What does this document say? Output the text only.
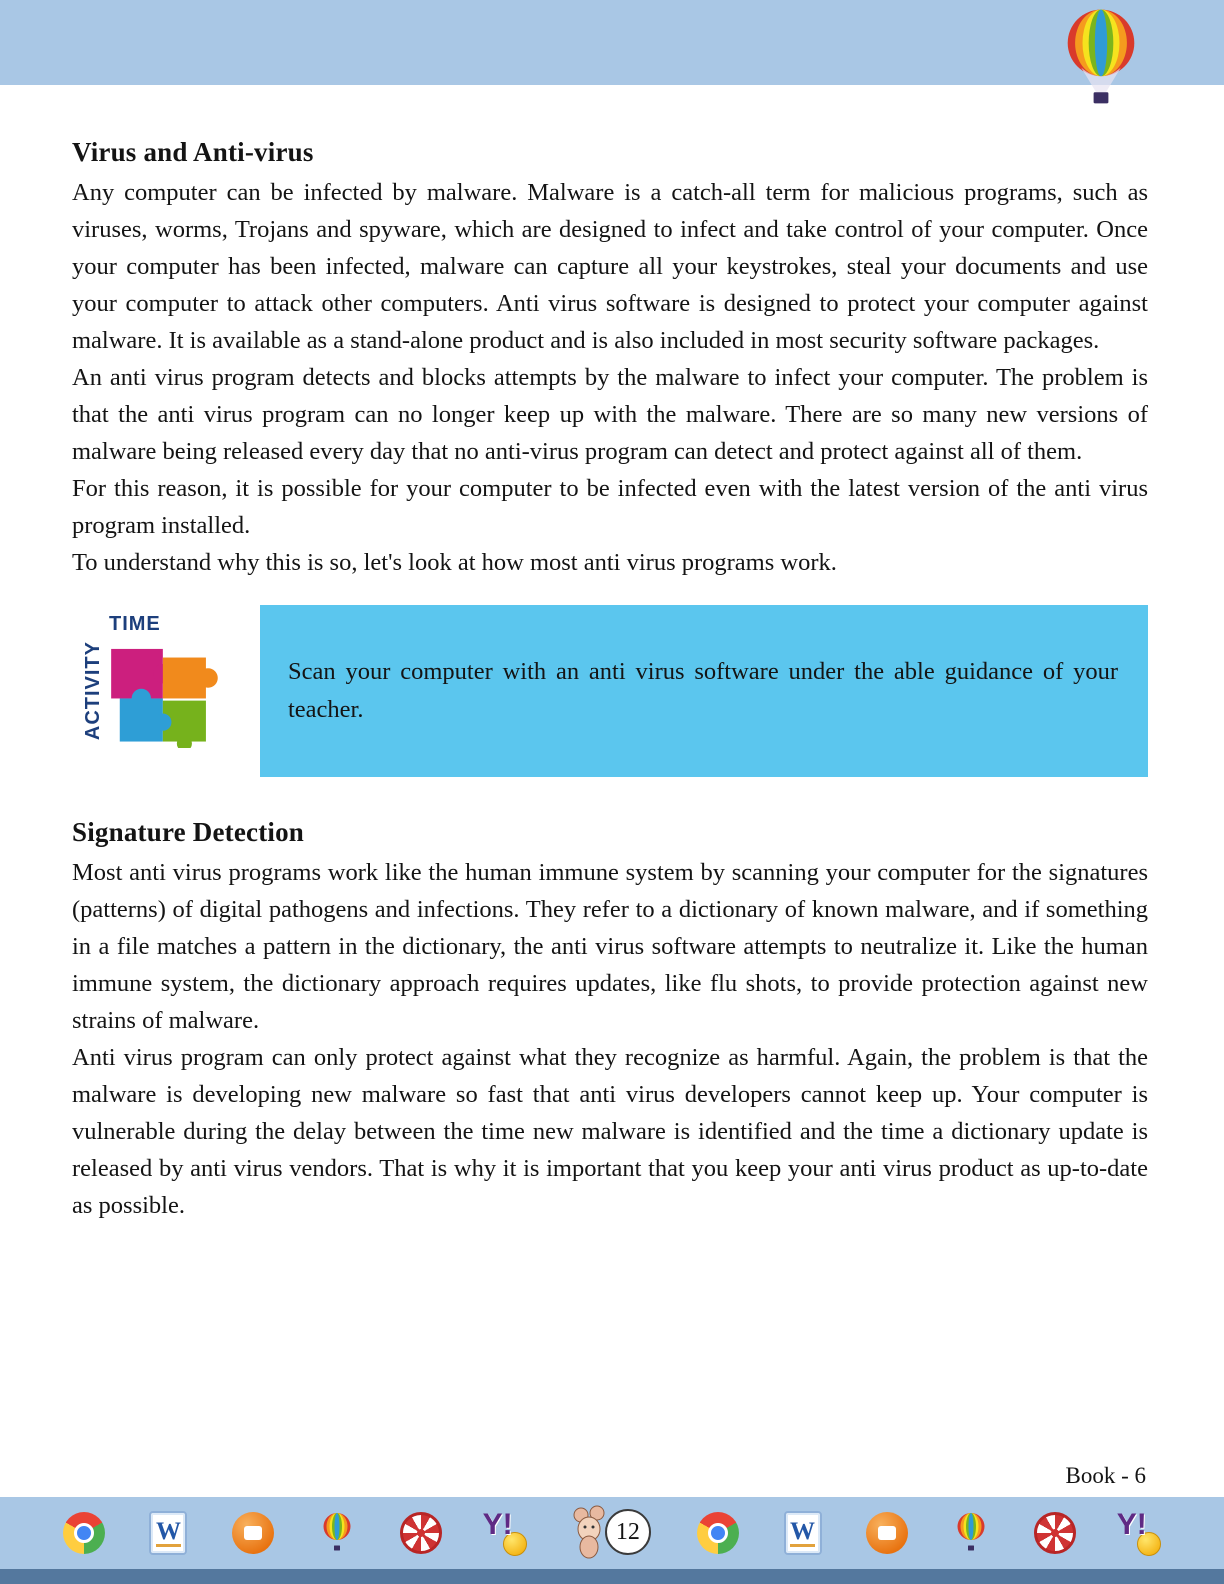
Virus and Anti-virus

Any computer can be infected by malware. Malware is a catch-all term for malicious programs, such as viruses, worms, Trojans and spyware, which are designed to infect and take control of your computer. Once your computer has been infected, malware can capture all your keystrokes, steal your documents and use your computer to attack other computers. Anti virus software is designed to protect your computer against malware. It is available as a stand-alone product and is also included in most security software packages.

An anti virus program detects and blocks attempts by the malware to infect your computer. The problem is that the anti virus program can no longer keep up with the malware. There are so many new versions of malware being released every day that no anti-virus program can detect and protect against all of them.

For this reason, it is possible for your computer to be infected even with the latest version of the anti virus program installed.

To understand why this is so, let's look at how most anti virus programs work.

ACTIVITY
TIME

Scan your computer with an anti virus software under the able guidance of your teacher.

Signature Detection

Most anti virus programs work like the human immune system by scanning your computer for the signatures (patterns) of digital pathogens and infections. They refer to a dictionary of known malware, and if something in a file matches a pattern in the dictionary, the anti virus software attempts to neutralize it. Like the human immune system, the dictionary approach requires updates, like flu shots, to provide protection against new strains of malware.

Anti virus program can only protect against what they recognize as harmful. Again, the problem is that the malware is developing new malware so fast that anti virus developers cannot keep up. Your computer is vulnerable during the delay between the time new malware is identified and the time a dictionary update is released by anti virus vendors. That is why it is important that you keep your anti virus product as up-to-date as possible.

Book - 6
W	Y!	12	W	Y!
